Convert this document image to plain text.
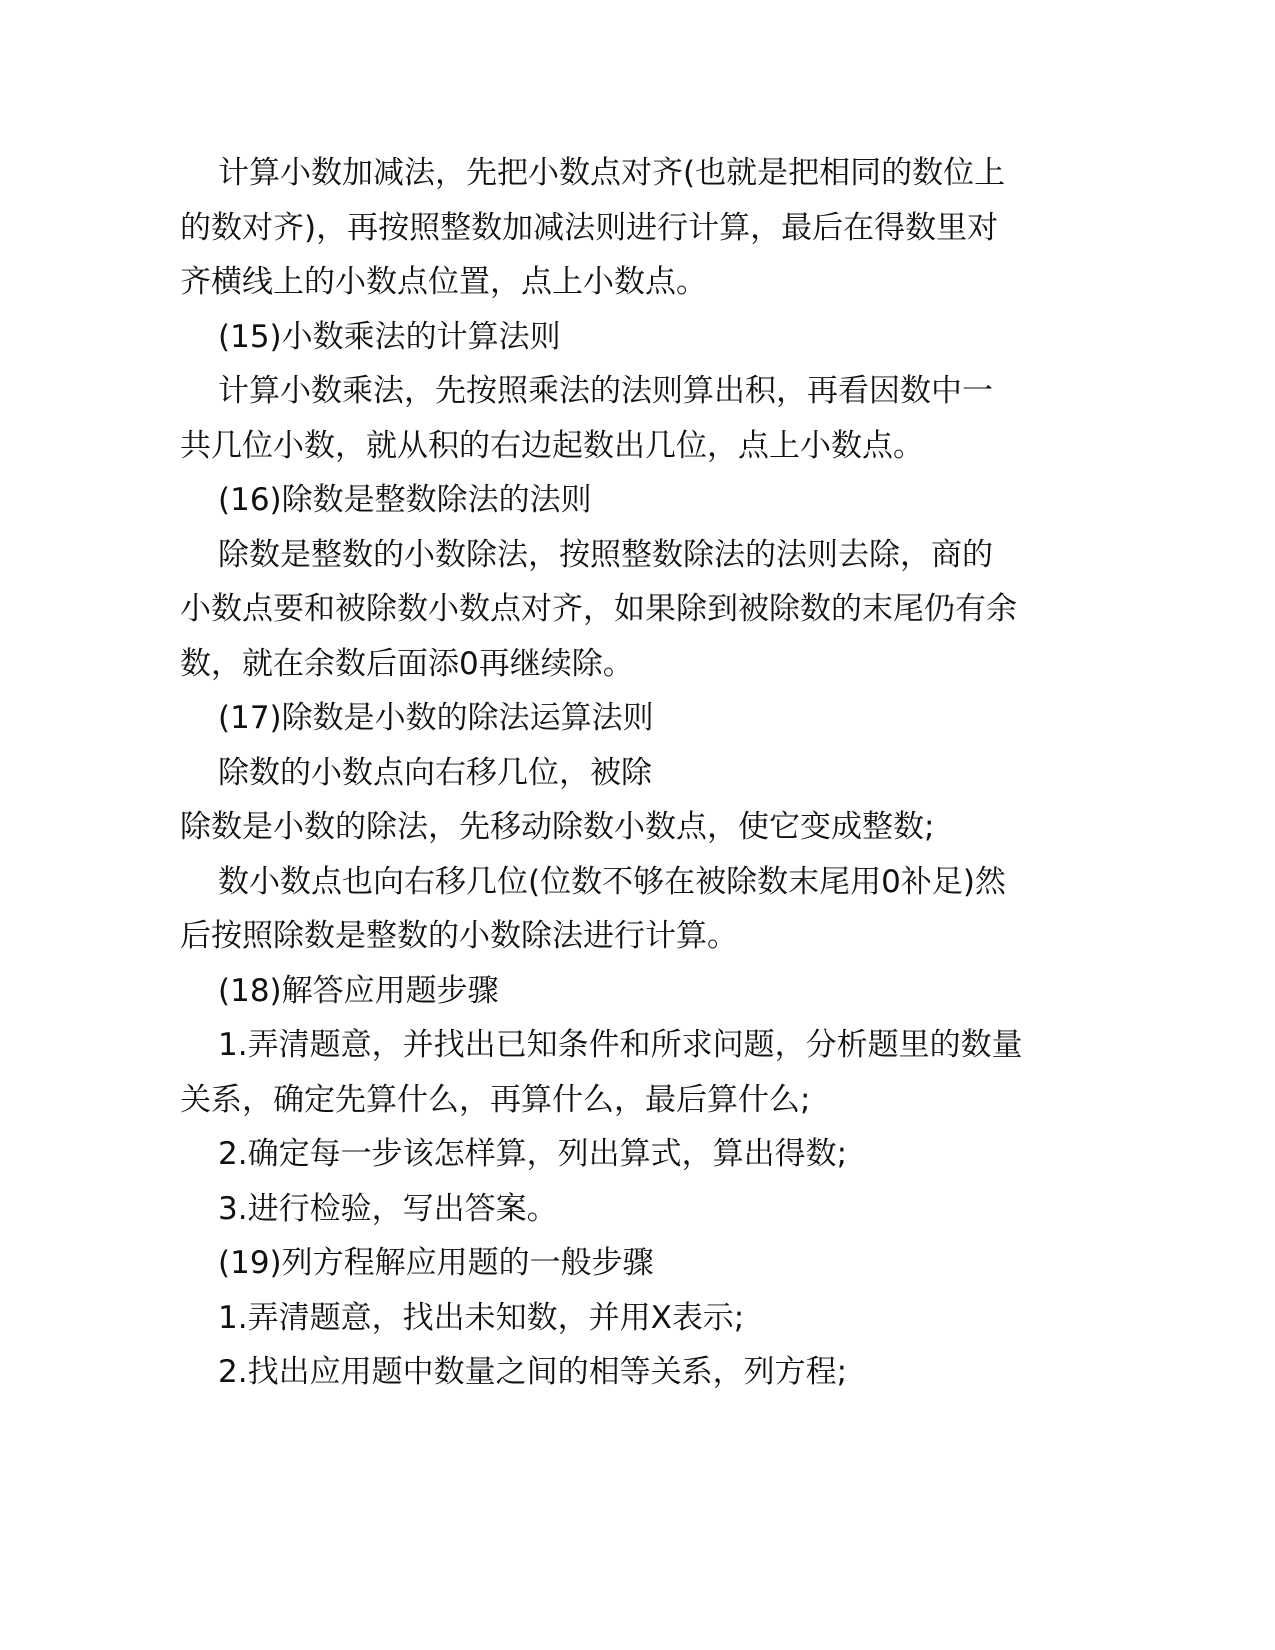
计算小数加减法，先把小数点对齐(也就是把相同的数位上
的数对齐)，再按照整数加减法则进行计算，最后在得数里对
齐横线上的小数点位置，点上小数点。
(15)小数乘法的计算法则
计算小数乘法，先按照乘法的法则算出积，再看因数中一
共几位小数，就从积的右边起数出几位，点上小数点。
(16)除数是整数除法的法则
除数是整数的小数除法，按照整数除法的法则去除，商的
小数点要和被除数小数点对齐，如果除到被除数的末尾仍有余
数，就在余数后面添0再继续除。
(17)除数是小数的除法运算法则
除数的小数点向右移几位，被除
除数是小数的除法，先移动除数小数点，使它变成整数;
数小数点也向右移几位(位数不够在被除数末尾用0补足)然
后按照除数是整数的小数除法进行计算。
(18)解答应用题步骤
1.弄清题意，并找出已知条件和所求问题，分析题里的数量
关系，确定先算什么，再算什么，最后算什么;
2.确定每一步该怎样算，列出算式，算出得数;
3.进行检验，写出答案。
(19)列方程解应用题的一般步骤
1.弄清题意，找出未知数，并用X表示;
2.找出应用题中数量之间的相等关系，列方程;
